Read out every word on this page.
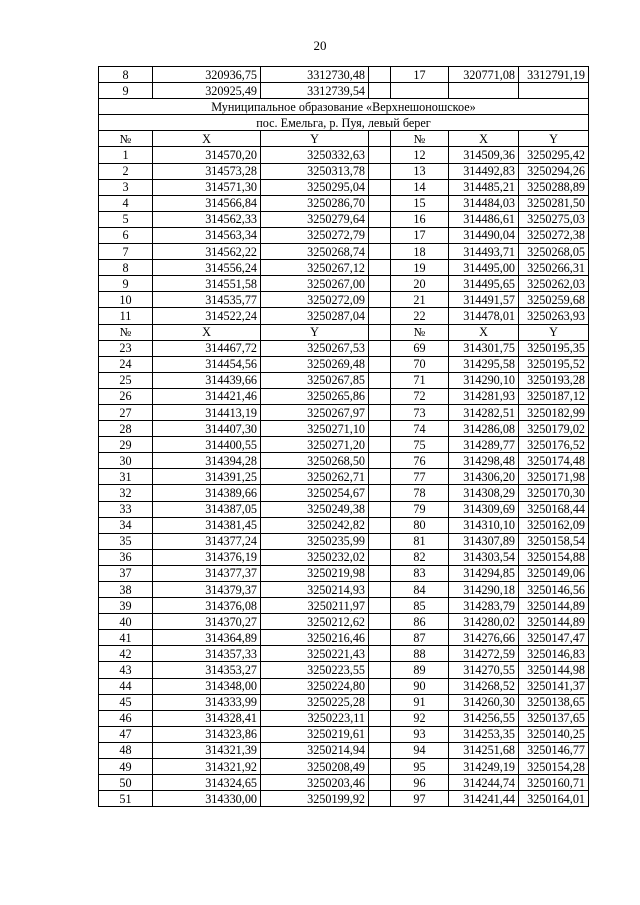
20
8	320936,75	3312730,48		17	320771,08	3312791,19
9	320925,49	3312739,54				
Муниципальное образование «Верхнешоношское»						
пос. Емельга, р. Пуя, левый берег						
№	X	Y		№	X	Y
1	314570,20	3250332,63		12	314509,36	3250295,42
2	314573,28	3250313,78		13	314492,83	3250294,26
3	314571,30	3250295,04		14	314485,21	3250288,89
4	314566,84	3250286,70		15	314484,03	3250281,50
5	314562,33	3250279,64		16	314486,61	3250275,03
6	314563,34	3250272,79		17	314490,04	3250272,38
7	314562,22	3250268,74		18	314493,71	3250268,05
8	314556,24	3250267,12		19	314495,00	3250266,31
9	314551,58	3250267,00		20	314495,65	3250262,03
10	314535,77	3250272,09		21	314491,57	3250259,68
11	314522,24	3250287,04		22	314478,01	3250263,93
№	X	Y		№	X	Y
23	314467,72	3250267,53		69	314301,75	3250195,35
24	314454,56	3250269,48		70	314295,58	3250195,52
25	314439,66	3250267,85		71	314290,10	3250193,28
26	314421,46	3250265,86		72	314281,93	3250187,12
27	314413,19	3250267,97		73	314282,51	3250182,99
28	314407,30	3250271,10		74	314286,08	3250179,02
29	314400,55	3250271,20		75	314289,77	3250176,52
30	314394,28	3250268,50		76	314298,48	3250174,48
31	314391,25	3250262,71		77	314306,20	3250171,98
32	314389,66	3250254,67		78	314308,29	3250170,30
33	314387,05	3250249,38		79	314309,69	3250168,44
34	314381,45	3250242,82		80	314310,10	3250162,09
35	314377,24	3250235,99		81	314307,89	3250158,54
36	314376,19	3250232,02		82	314303,54	3250154,88
37	314377,37	3250219,98		83	314294,85	3250149,06
38	314379,37	3250214,93		84	314290,18	3250146,56
39	314376,08	3250211,97		85	314283,79	3250144,89
40	314370,27	3250212,62		86	314280,02	3250144,89
41	314364,89	3250216,46		87	314276,66	3250147,47
42	314357,33	3250221,43		88	314272,59	3250146,83
43	314353,27	3250223,55		89	314270,55	3250144,98
44	314348,00	3250224,80		90	314268,52	3250141,37
45	314333,99	3250225,28		91	314260,30	3250138,65
46	314328,41	3250223,11		92	314256,55	3250137,65
47	314323,86	3250219,61		93	314253,35	3250140,25
48	314321,39	3250214,94		94	314251,68	3250146,77
49	314321,92	3250208,49		95	314249,19	3250154,28
50	314324,65	3250203,46		96	314244,74	3250160,71
51	314330,00	3250199,92		97	314241,44	3250164,01
